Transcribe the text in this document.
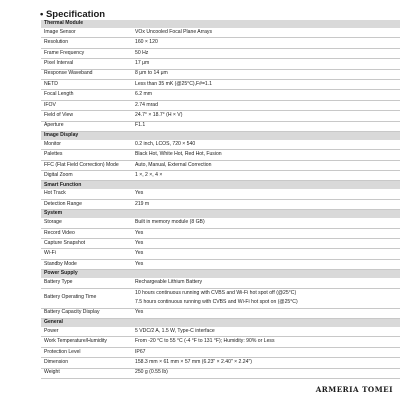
• Specification
Thermal Module	
Image Sensor	VOx Uncooled Focal Plane Arrays
Resolution	160 × 120
Frame Frequency	50 Hz
Pixel Interval	17 μm
Response Waveband	8 μm to 14 μm
NETD	Less than 35 mK (@25°C),F#=1.1
Focal Length	6.2 mm
IFOV	2.74 mrad
Field of View	24.7° × 18.7° (H × V)
Aperture	F1.1
Image Display	
Monitor	0.2 inch, LCOS, 720 × 540
Palettes	Black Hot, White Hot, Red Hot, Fusion
FFC (Flat Field Correction) Mode	Auto, Manual, External Correction
Digital Zoom	1 ×, 2 ×, 4 ×
Smart Function	
Hot Track	Yes
Detection Range	219 m
System	
Storage	Built in memory module (8 GB)
Record Video	Yes
Capture Snapshot	Yes
Wi-Fi	Yes
Standby Mode	Yes
Power Supply	
Battery Type	Rechargeable Lithium Battery
Battery Operating Time	10 hours continuous running with CVBS and Wi-Fi hot spot off (@25°C)
7.5 hours continuous running with CVBS and Wi-Fi hot spot on (@25°C)

Battery Capacity Display	Yes
General	
Power	5 VDC/2 A, 1.5 W, Type-C interface
Work Temperature/Humidity	From -20 °C to 55 °C (-4 °F to 131 °F); Humidity: 90% or Less
Protection Level	IP67
Dimension	158.3 mm × 61 mm × 57 mm (6.23" × 2.40" × 2.24")
Weight	250 g (0.55 lb)
ARMERIA TOMEI
